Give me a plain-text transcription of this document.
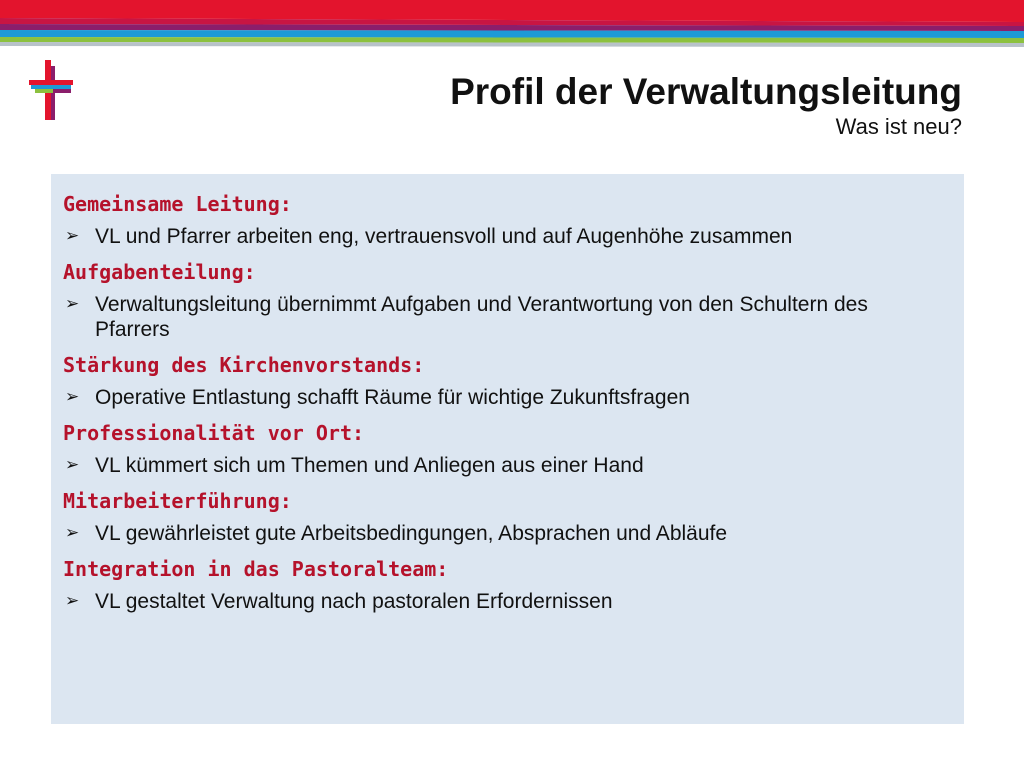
Profil der Verwaltungsleitung
Was ist neu?
Gemeinsame Leitung:
➢ VL und Pfarrer arbeiten eng, vertrauensvoll und auf Augenhöhe zusammen
Aufgabenteilung:
➢ Verwaltungsleitung übernimmt Aufgaben und Verantwortung von den Schultern des Pfarrers
Stärkung des Kirchenvorstands:
➢ Operative Entlastung schafft Räume für wichtige Zukunftsfragen
Professionalität vor Ort:
➢ VL kümmert sich um Themen und Anliegen aus einer Hand
Mitarbeiterführung:
➢ VL gewährleistet gute Arbeitsbedingungen, Absprachen und Abläufe
Integration in das Pastoralteam:
➢ VL gestaltet Verwaltung nach pastoralen Erfordernissen
